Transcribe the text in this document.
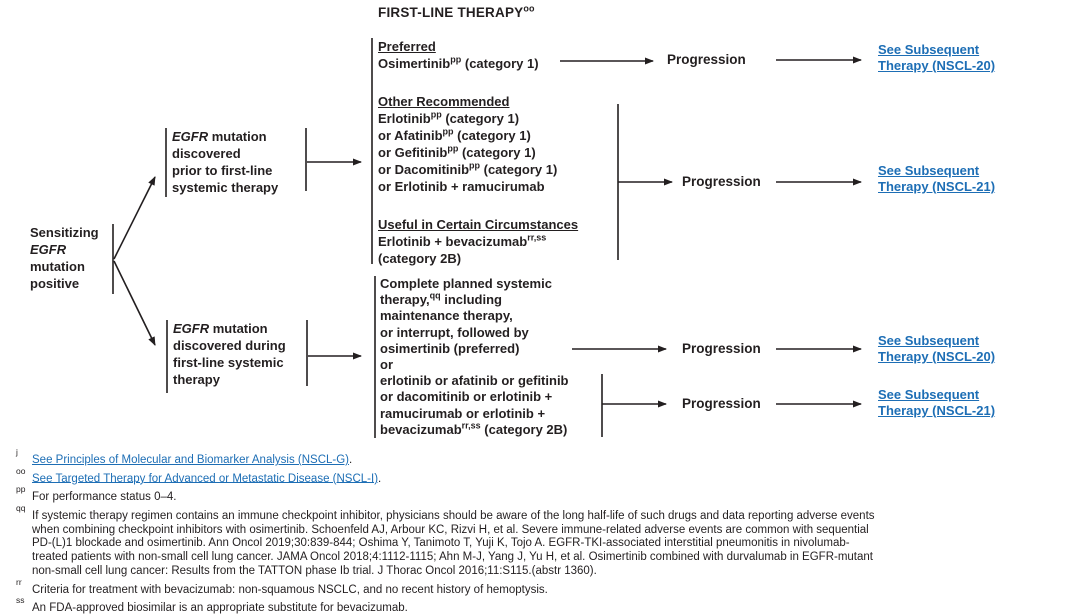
FIRST-LINE $THERAPY^{oo}$
Sensitizing
EGFR
mutation
positive
EGFR mutation
discovered
prior to first-line
systemic therapy
EGFR mutation
discovered during
first-line systemic
therapy
Preferred
Osimertinib$^{pp}$ (category 1)
Other Recommended
Erlotinib$^{pp}$ (category 1)
or Afatinib$^{pp}$ (category 1)
or Gefitinib$^{pp}$ (category 1)
or Dacomitinib$^{pp}$ (category 1)
or Erlotinib + ramucirumab
Useful in Certain Circumstances
Erlotinib + bevacizumab$^{rr,ss}$
(category 2B)
Complete planned systemic
therapy,$^{qq}$ including
maintenance therapy,
or interrupt, followed by
osimertinib (preferred)
or
erlotinib or afatinib or gefitinib
or dacomitinib or erlotinib +
ramucirumab or erlotinib +
bevacizumab$^{rr,ss}$ (category 2B)
Progression
Progression
Progression
Progression
See Subsequent
Therapy (NSCL-20)
See Subsequent
Therapy (NSCL-21)
See Subsequent
Therapy (NSCL-20)
See Subsequent
Therapy (NSCL-21)
$^j$See Principles of Molecular and Biomarker Analysis (NSCL-G).
$^{oo}$See Targeted Therapy for Advanced or Metastatic Disease (NSCL-I).
$^{pp}$For performance status 0–4.
$^{qq}$If systemic therapy regimen contains an immune checkpoint inhibitor, physicians should be aware of the long half-life of such drugs and data reporting adverse events
when combining checkpoint inhibitors with osimertinib. Schoenfeld AJ, Arbour KC, Rizvi H, et al. Severe immune-related adverse events are common with sequential
PD-(L)1 blockade and osimertinib. Ann Oncol 2019;30:839-844; Oshima Y, Tanimoto T, Yuji K, Tojo A. EGFR-TKI-associated interstitial pneumonitis in nivolumab-
treated patients with non-small cell lung cancer. JAMA Oncol 2018;4:1112-1115; Ahn M-J, Yang J, Yu H, et al. Osimertinib combined with durvalumab in EGFR-mutant
non-small cell lung cancer: Results from the TATTON phase Ib trial. J Thorac Oncol 2016;11:S115.(abstr 1360).
$^{rr}$Criteria for treatment with bevacizumab: non-squamous NSCLC, and no recent history of hemoptysis.
$^{ss}$An FDA-approved biosimilar is an appropriate substitute for bevacizumab.
